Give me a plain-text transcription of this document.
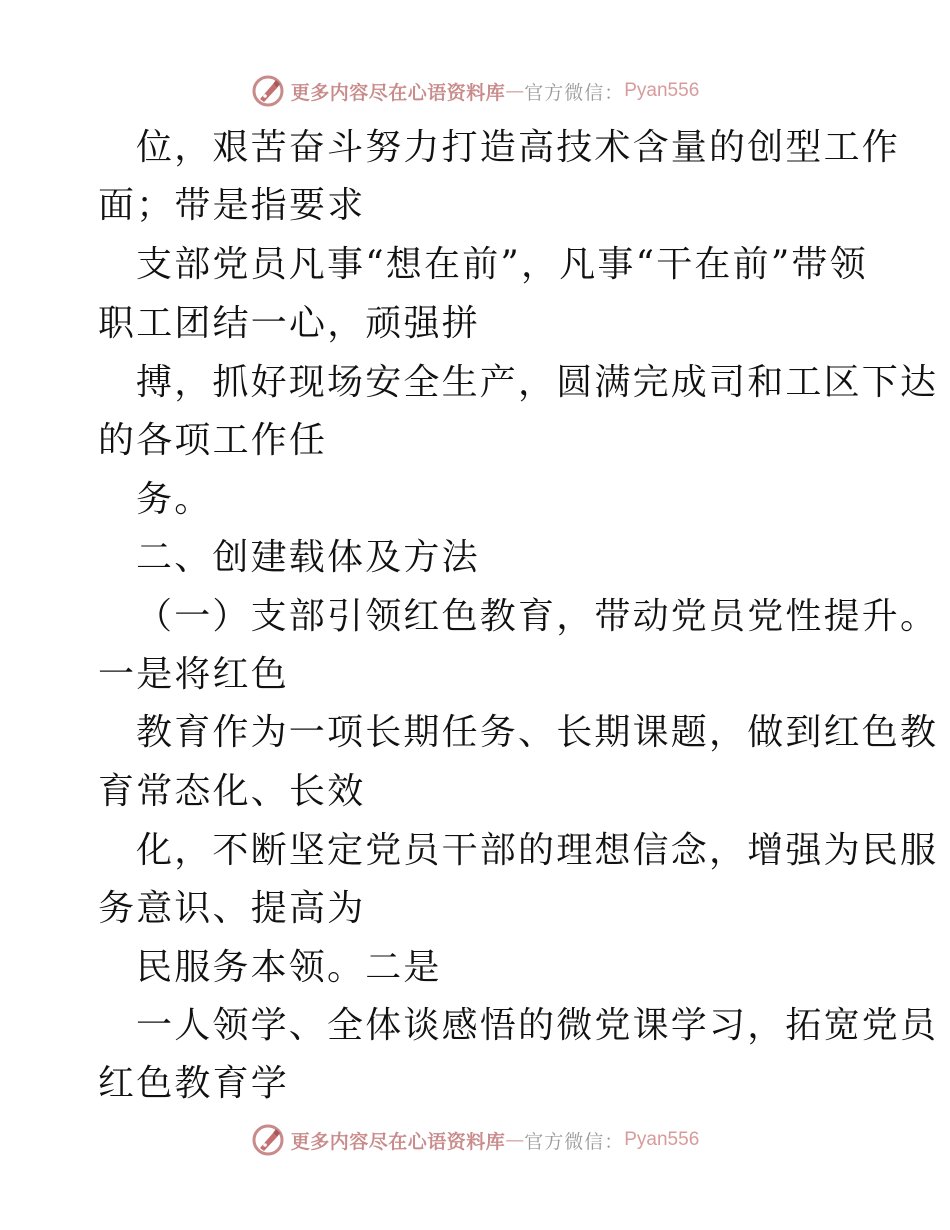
更多内容尽在心语资料库 — 官方微信： Pyan556
位，艰苦奋斗努力打造高技术含量的创型工作
面；带是指要求
支部党员凡事“想在前”，凡事“干在前”带领
职工团结一心，顽强拼
搏，抓好现场安全生产，圆满完成司和工区下达
的各项工作任
务。
二、创建载体及方法
（一）支部引领红色教育，带动党员党性提升。
一是将红色
教育作为一项长期任务、长期课题，做到红色教
育常态化、长效
化，不断坚定党员干部的理想信念，增强为民服
务意识、提高为
民服务本领。二是
一人领学、全体谈感悟的微党课学习，拓宽党员
红色教育学
更多内容尽在心语资料库 — 官方微信： Pyan556
